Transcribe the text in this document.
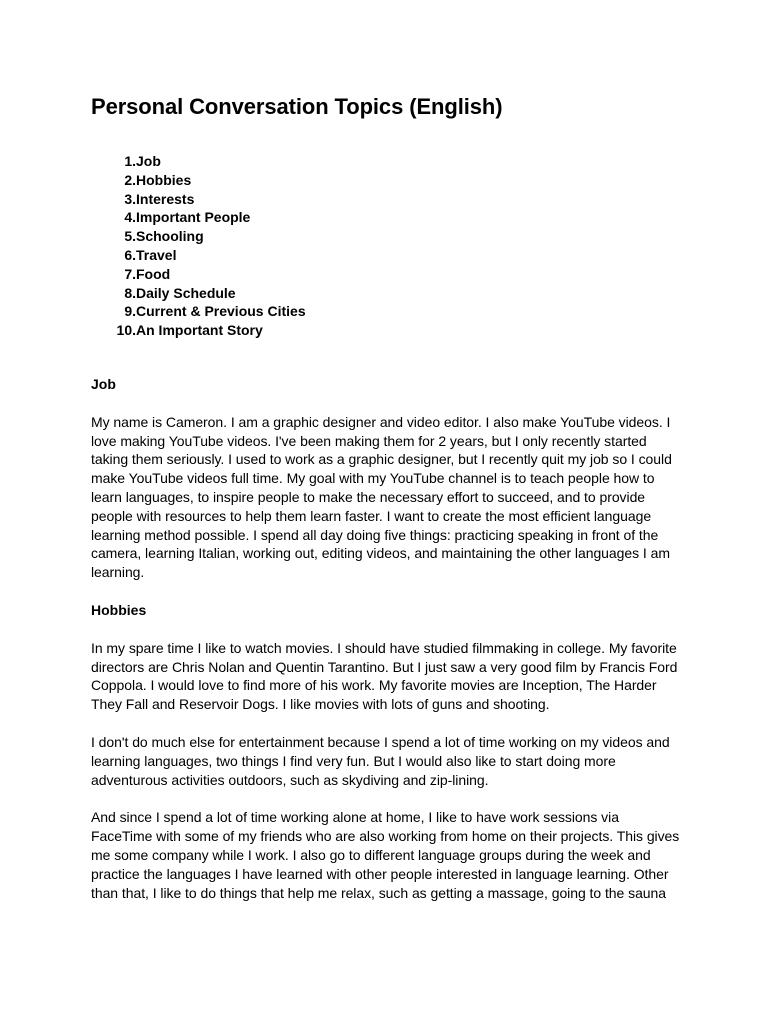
Personal Conversation Topics (English)
1. Job
2. Hobbies
3. Interests
4. Important People
5. Schooling
6. Travel
7. Food
8. Daily Schedule
9. Current & Previous Cities
10. An Important Story
Job

My name is Cameron. I am a graphic designer and video editor. I also make YouTube videos. I love making YouTube videos. I've been making them for 2 years, but I only recently started taking them seriously. I used to work as a graphic designer, but I recently quit my job so I could make YouTube videos full time. My goal with my YouTube channel is to teach people how to learn languages, to inspire people to make the necessary effort to succeed, and to provide people with resources to help them learn faster. I want to create the most efficient language learning method possible. I spend all day doing five things: practicing speaking in front of the camera, learning Italian, working out, editing videos, and maintaining the other languages I am learning.

Hobbies

In my spare time I like to watch movies. I should have studied filmmaking in college. My favorite directors are Chris Nolan and Quentin Tarantino. But I just saw a very good film by Francis Ford Coppola. I would love to find more of his work. My favorite movies are Inception, The Harder They Fall and Reservoir Dogs. I like movies with lots of guns and shooting.

I don't do much else for entertainment because I spend a lot of time working on my videos and learning languages, two things I find very fun. But I would also like to start doing more adventurous activities outdoors, such as skydiving and zip-lining.

And since I spend a lot of time working alone at home, I like to have work sessions via FaceTime with some of my friends who are also working from home on their projects. This gives me some company while I work. I also go to different language groups during the week and practice the languages I have learned with other people interested in language learning. Other than that, I like to do things that help me relax, such as getting a massage, going to the sauna
